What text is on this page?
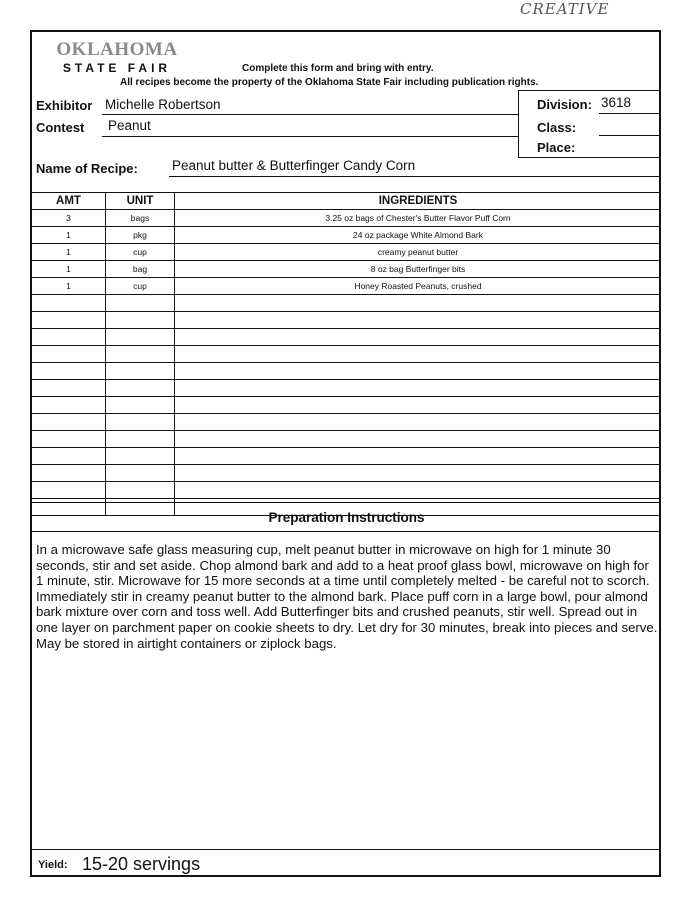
CREATIVE
OKLAHOMA
STATE FAIR	Complete this form and bring with entry.
All recipes become the property of the Oklahoma State Fair including publication rights.
Exhibitor Michelle Robertson
Contest Peanut
Division: 3618
Class:
Place:
Name of Recipe:	Peanut butter & Butterfinger Candy Corn
AMT	UNIT	INGREDIENTS
3	bags	3.25 oz bags of Chester's Butter Flavor Puff Corn
1	pkg	24 oz package White Almond Bark
1	cup	creamy peanut butter
1	bag	8 oz bag Butterfinger bits
1	cup	Honey Roasted Peanuts, crushed

Preparation Instructions
In a microwave safe glass measuring cup, melt peanut butter in microwave on high for 1 minute 30 seconds, stir and set aside. Chop almond bark and add to a heat proof glass bowl, microwave on high for 1 minute, stir. Microwave for 15 more seconds at a time until completely melted - be careful not to scorch. Immediately stir in creamy peanut butter to the almond bark. Place puff corn in a large bowl, pour almond bark mixture over corn and toss well. Add Butterfinger bits and crushed peanuts, stir well. Spread out in one layer on parchment paper on cookie sheets to dry. Let dry for 30 minutes, break into pieces and serve. May be stored in airtight containers or ziplock bags.
Yield: 15-20 servings
